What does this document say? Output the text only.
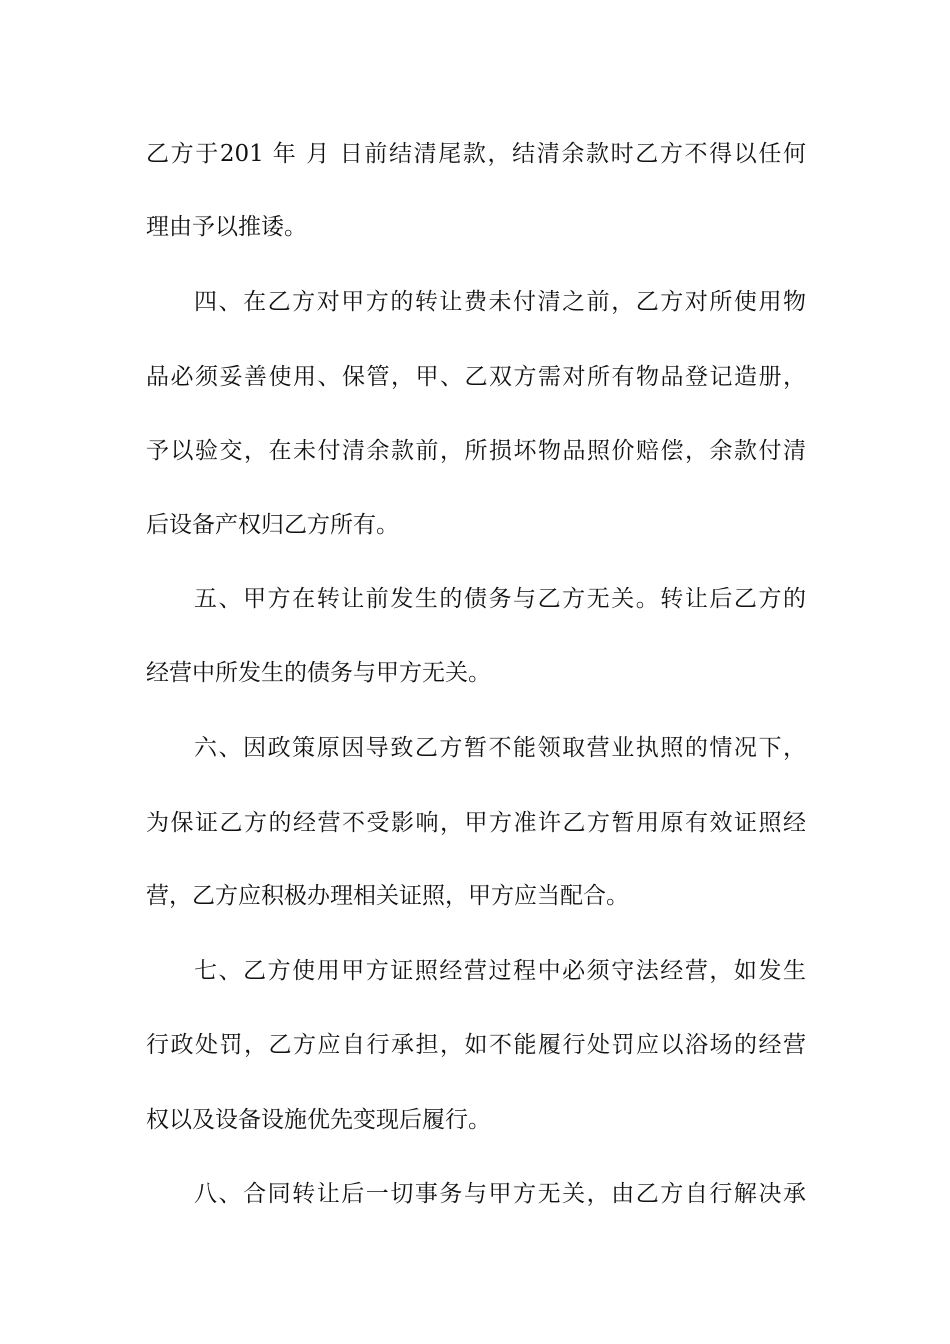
乙方于201 年 月 日前结清尾款，结清余款时乙方不得以任何
理由予以推诿。
四、在乙方对甲方的转让费未付清之前，乙方对所使用物
品必须妥善使用、保管，甲、乙双方需对所有物品登记造册，
予以验交，在未付清余款前，所损坏物品照价赔偿，余款付清
后设备产权归乙方所有。
五、甲方在转让前发生的债务与乙方无关。转让后乙方的
经营中所发生的债务与甲方无关。
六、因政策原因导致乙方暂不能领取营业执照的情况下，
为保证乙方的经营不受影响，甲方准许乙方暂用原有效证照经
营，乙方应积极办理相关证照，甲方应当配合。
七、乙方使用甲方证照经营过程中必须守法经营，如发生
行政处罚，乙方应自行承担，如不能履行处罚应以浴场的经营
权以及设备设施优先变现后履行。
八、合同转让后一切事务与甲方无关，由乙方自行解决承
